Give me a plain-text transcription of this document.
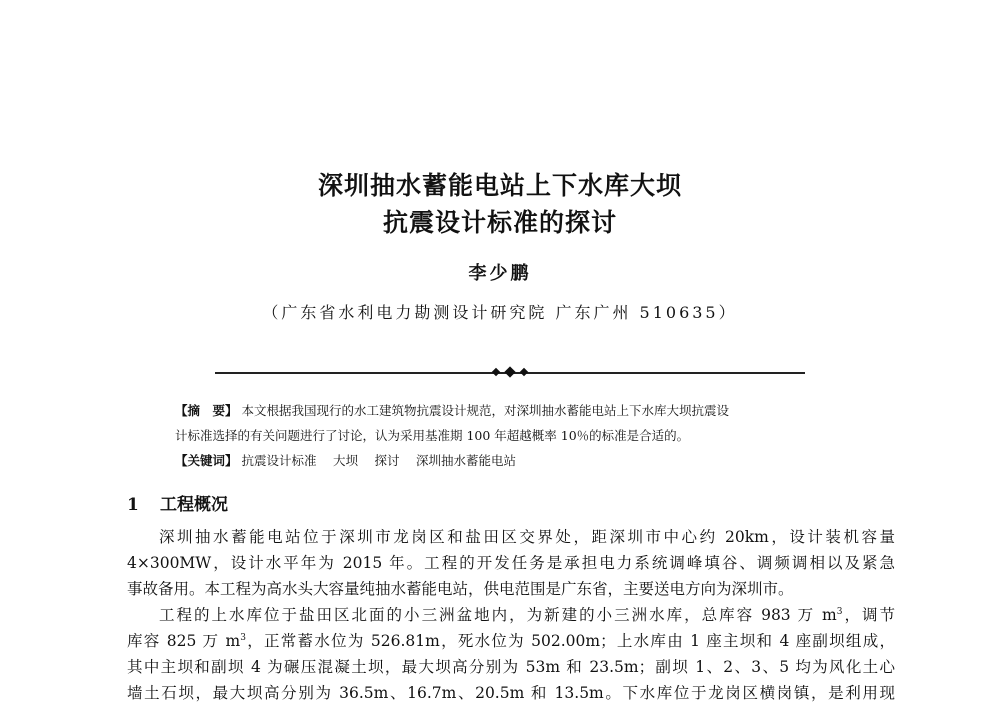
深圳抽水蓄能电站上下水库大坝
抗震设计标准的探讨
李少鹏
（广东省水利电力勘测设计研究院 广东广州 510635）
【摘　要】 本文根据我国现行的水工建筑物抗震设计规范，对深圳抽水蓄能电站上下水库大坝抗震设
计标准选择的有关问题进行了讨论，认为采用基准期 100 年超越概率 10％的标准是合适的。
【关键词】 抗震设计标准  大坝  探讨  深圳抽水蓄能电站
1 工程概况
深圳抽水蓄能电站位于深圳市龙岗区和盐田区交界处，距深圳市中心约 20km，设计装机容量
4×300MW，设计水平年为 2015 年。工程的开发任务是承担电力系统调峰填谷、调频调相以及紧急
事故备用。本工程为高水头大容量纯抽水蓄能电站，供电范围是广东省，主要送电方向为深圳市。
工程的上水库位于盐田区北面的小三洲盆地内，为新建的小三洲水库，总库容 983 万 $m^3$，调节
库容 825 万 $m^3$，正常蓄水位为 526.81m，死水位为 502.00m；上水库由 1 座主坝和 4 座副坝组成，
其中主坝和副坝 4 为碾压混凝土坝，最大坝高分别为 53m 和 23.5m；副坝 1、2、3、5 均为风化土心
墙土石坝，最大坝高分别为 36.5m、16.7m、20.5m 和 13.5m。下水库位于龙岗区横岗镇，是利用现
